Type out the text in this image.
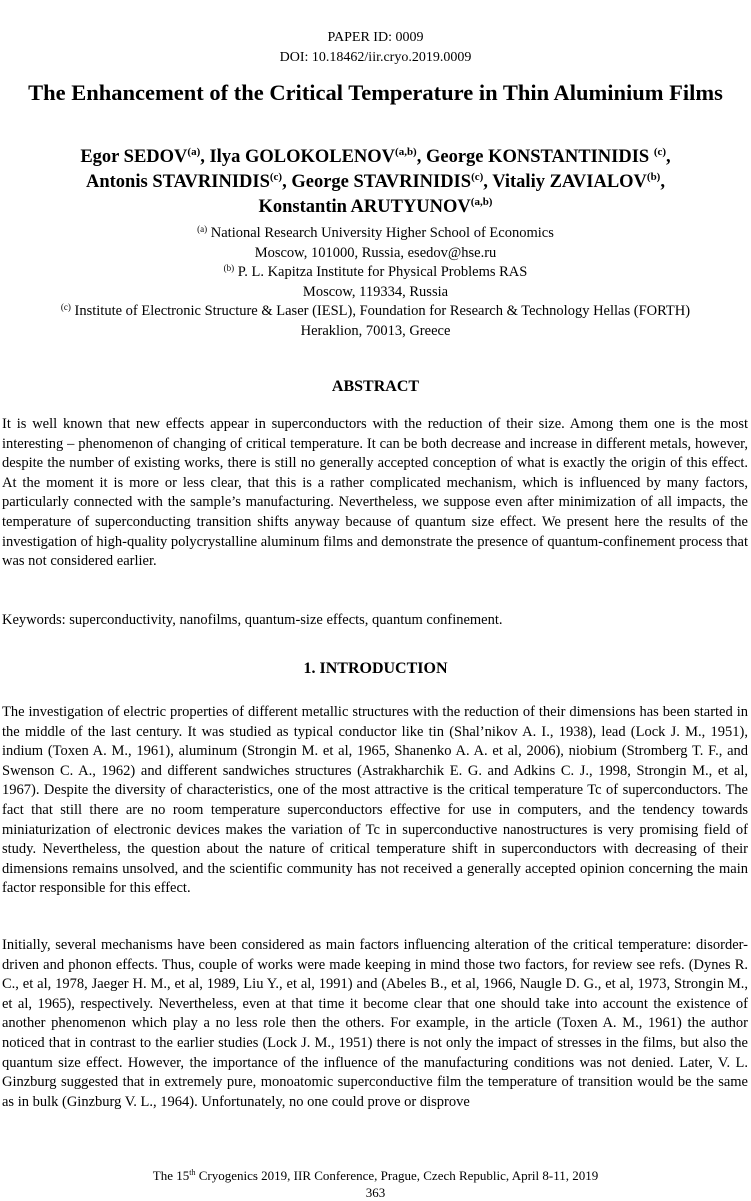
PAPER ID: 0009
DOI: 10.18462/iir.cryo.2019.0009
The Enhancement of the Critical Temperature in Thin Aluminium Films
Egor SEDOV$^{(a)}$, Ilya GOLOKOLENOV$^{(a,b)}$, George KONSTANTINIDIS $^{(c)}$,
Antonis STAVRINIDIS$^{(c)}$, George STAVRINIDIS$^{(c)}$, Vitaliy ZAVIALOV$^{(b)}$,
Konstantin ARUTYUNOV$^{(a,b)}$
$^{(a)}$ National Research University Higher School of Economics
Moscow, 101000, Russia, esedov@hse.ru
$^{(b)}$ P. L. Kapitza Institute for Physical Problems RAS
Moscow, 119334, Russia
$^{(c)}$ Institute of Electronic Structure & Laser (IESL), Foundation for Research & Technology Hellas (FORTH)
Heraklion, 70013, Greece
ABSTRACT
It is well known that new effects appear in superconductors with the reduction of their size. Among them one is the most interesting – phenomenon of changing of critical temperature. It can be both decrease and increase in different metals, however, despite the number of existing works, there is still no generally accepted conception of what is exactly the origin of this effect. At the moment it is more or less clear, that this is a rather complicated mechanism, which is influenced by many factors, particularly connected with the sample’s manufacturing. Nevertheless, we suppose even after minimization of all impacts, the temperature of superconducting transition shifts anyway because of quantum size effect. We present here the results of the investigation of high-quality polycrystalline aluminum films and demonstrate the presence of quantum-confinement process that was not considered earlier.
Keywords: superconductivity, nanofilms, quantum-size effects, quantum confinement.
1. INTRODUCTION
The investigation of electric properties of different metallic structures with the reduction of their dimensions has been started in the middle of the last century. It was studied as typical conductor like tin (Shal’nikov A. I., 1938), lead (Lock J. M., 1951), indium (Toxen A. M., 1961), aluminum (Strongin M. et al, 1965, Shanenko A. A. et al, 2006), niobium (Stromberg T. F., and Swenson C. A., 1962) and different sandwiches structures (Astrakharchik E. G. and Adkins C. J., 1998, Strongin M., et al, 1967). Despite the diversity of characteristics, one of the most attractive is the critical temperature Tc of superconductors. The fact that still there are no room temperature superconductors effective for use in computers, and the tendency towards miniaturization of electronic devices makes the variation of Tc in superconductive nanostructures is very promising field of study. Nevertheless, the question about the nature of critical temperature shift in superconductors with decreasing of their dimensions remains unsolved, and the scientific community has not received a generally accepted opinion concerning the main factor responsible for this effect.
Initially, several mechanisms have been considered as main factors influencing alteration of the critical temperature: disorder-driven and phonon effects. Thus, couple of works were made keeping in mind those two factors, for review see refs. (Dynes R. C., et al, 1978, Jaeger H. M., et al, 1989, Liu Y., et al, 1991) and (Abeles B., et al, 1966, Naugle D. G., et al, 1973, Strongin M., et al, 1965), respectively. Nevertheless, even at that time it become clear that one should take into account the existence of another phenomenon which play a no less role then the others. For example, in the article (Toxen A. M., 1961) the author noticed that in contrast to the earlier studies (Lock J. M., 1951) there is not only the impact of stresses in the films, but also the quantum size effect. However, the importance of the influence of the manufacturing conditions was not denied. Later, V. L. Ginzburg suggested that in extremely pure, monoatomic superconductive film the temperature of transition would be the same as in bulk (Ginzburg V. L., 1964). Unfortunately, no one could prove or disprove
The 15th Cryogenics 2019, IIR Conference, Prague, Czech Republic, April 8-11, 2019
363
